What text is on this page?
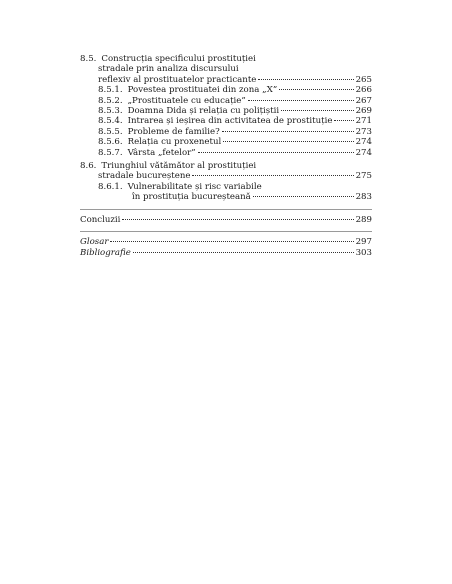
8.5. Construcția specificului prostituției
stradale prin analiza discursului
reflexiv al prostituatelor practicante	265
8.5.1. Povestea prostituatei din zona „X”	266
8.5.2. „Prostituatele cu educație”	267
8.5.3. Doamna Dida și relația cu polițiștii	269
8.5.4. Intrarea și ieșirea din activitatea de prostituție	271
8.5.5. Probleme de familie?	273
8.5.6. Relația cu proxenetul	274
8.5.7. Vârsta „fetelor”	274
8.6. Triunghiul vătămător al prostituției
stradale bucureștene	275
8.6.1. Vulnerabilitate și risc variabile
în prostituția bucureșteană	283
Concluzii	289
Glosar	297
Bibliografie	303
